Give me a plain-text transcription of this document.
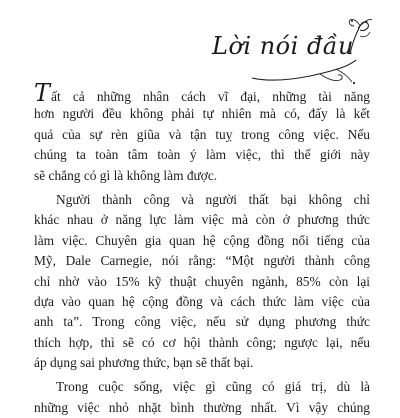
Lời nói đầu
Tất cả những nhân cách vĩ đại, những tài năng
hơn người đều không phải tự nhiên mà có, đấy là kết
quả của sự rèn giũa và tận tuỵ trong công việc. Nếu
chúng ta toàn tâm toàn ý làm việc, thì thế giới này
sẽ chẳng có gì là không làm được.
Người thành công và người thất bại không chỉ
khác nhau ở năng lực làm việc mà còn ở phương thức
làm việc. Chuyên gia quan hệ cộng đồng nổi tiếng của
Mỹ, Dale Carnegie, nói rằng: “Một người thành công
chỉ nhờ vào 15% kỹ thuật chuyên ngành, 85% còn lại
dựa vào quan hệ cộng đồng và cách thức làm việc của
anh ta”. Trong công việc, nếu sử dụng phương thức
thích hợp, thì sẽ có cơ hội thành công; ngược lại, nếu
áp dụng sai phương thức, bạn sẽ thất bại.
Trong cuộc sống, việc gì cũng có giá trị, dù là
những việc nhỏ nhặt bình thường nhất. Vì vậy chúng
